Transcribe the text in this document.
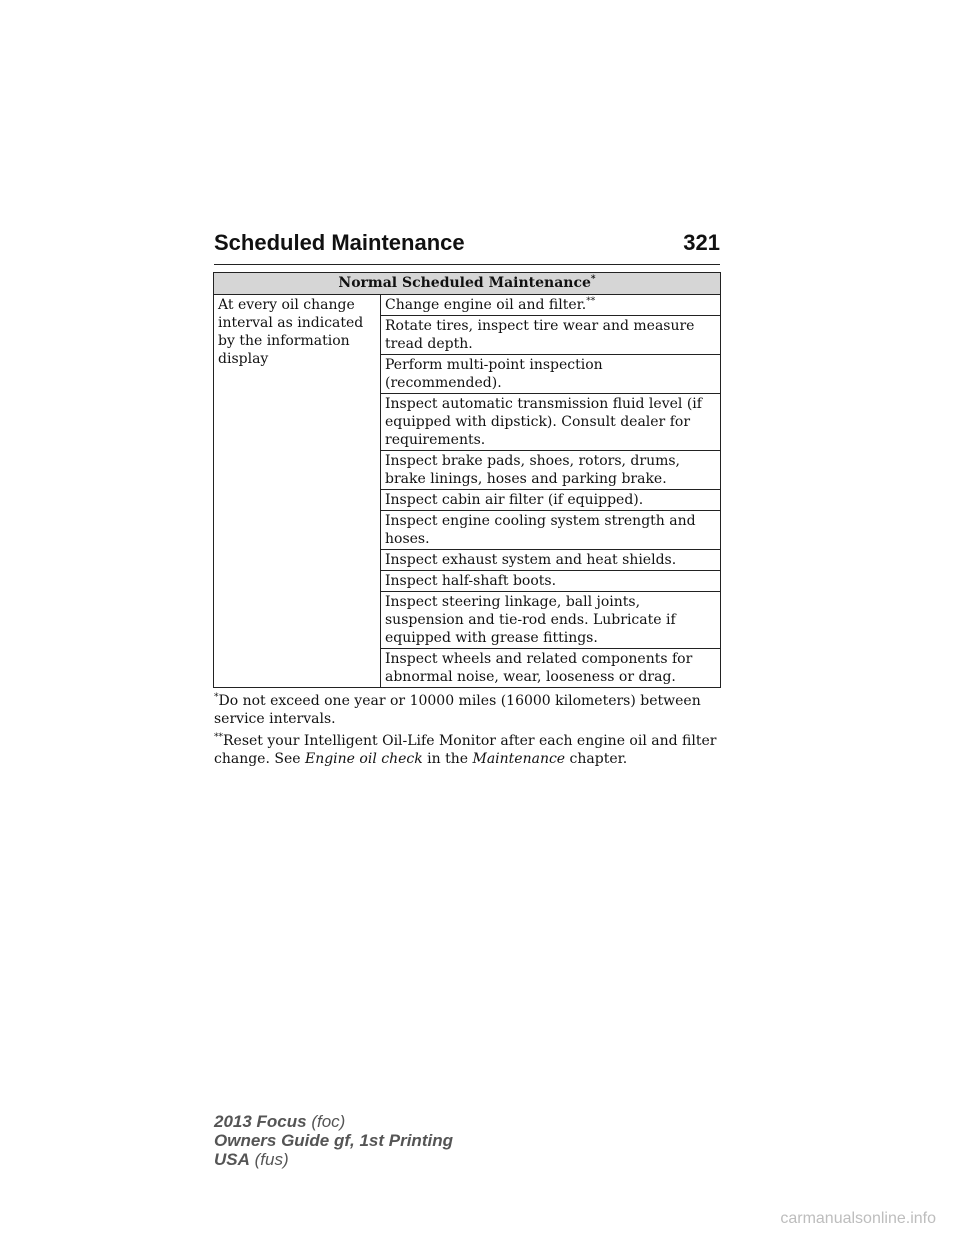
Scheduled Maintenance	321
Normal Scheduled Maintenance*
At every oil change interval as indicated by the information display	Change engine oil and filter.**
Rotate tires, inspect tire wear and measure tread depth.
Perform multi-point inspection (recommended).
Inspect automatic transmission fluid level (if equipped with dipstick). Consult dealer for requirements.
Inspect brake pads, shoes, rotors, drums, brake linings, hoses and parking brake.
Inspect cabin air filter (if equipped).
Inspect engine cooling system strength and hoses.
Inspect exhaust system and heat shields.
Inspect half-shaft boots.
Inspect steering linkage, ball joints, suspension and tie-rod ends. Lubricate if equipped with grease fittings.
Inspect wheels and related components for abnormal noise, wear, looseness or drag.

*Do not exceed one year or 10000 miles (16000 kilometers) between service intervals.

**Reset your Intelligent Oil-Life Monitor after each engine oil and filter change. See Engine oil check in the Maintenance chapter.

2013 Focus (foc)
Owners Guide gf, 1st Printing
USA (fus)
carmanualsonline.info
